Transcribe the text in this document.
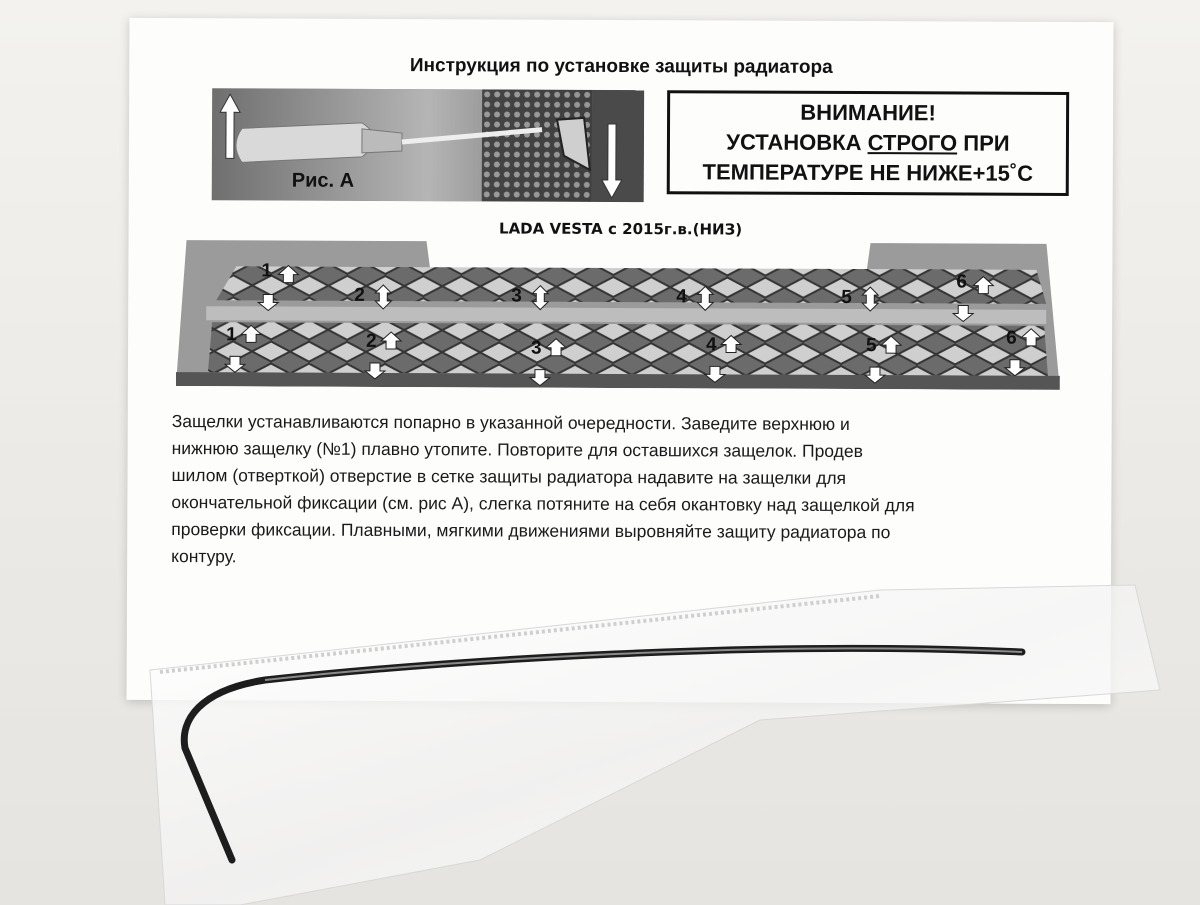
Инструкция по установке защиты радиатора
Рис. А
ВНИМАНИЕ!
УСТАНОВКА СТРОГО ПРИ
ТЕМПЕРАТУРЕ НЕ НИЖЕ+15˚С
LADA VESTA с 2015г.в.(НИЗ)
1
2	3	4	5
6
1	2	3	4	5	6

Защелки устанавливаются попарно в указанной очередности. Заведите верхнюю и

нижнюю защелку (№1) плавно утопите. Повторите для оставшихся защелок. Продев

шилом (отверткой) отверстие в сетке защиты радиатора надавите на защелки для

окончательной фиксации (см. рис А), слегка потяните на себя окантовку над защелкой для

проверки фиксации. Плавными, мягкими движениями выровняйте защиту радиатора по

контуру.
